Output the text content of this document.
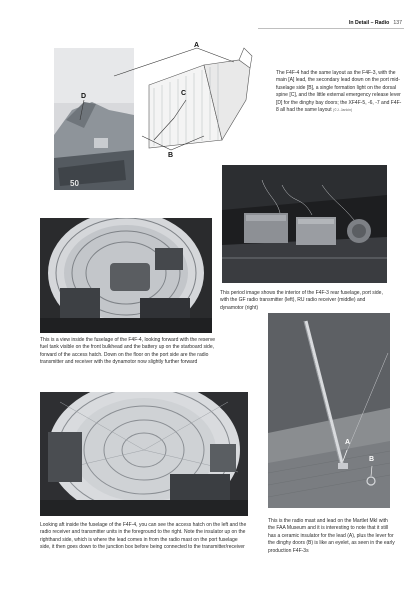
In Detail – Radio 137
50
A
C
B
D
The F4F-4 had the same layout as the F4F-3, with the main [A] lead, the secondary lead down on the port mid-fuselage side [B], a single formation light on the dorsal spine [C], and the little external emergency release lever [D] for the dinghy bay doors; the XF4F-5, -6, -7 and F4F-8 all had the same layout (©J. Jankin)
This period image shows the interior of the F4F-3 rear fuselage, port side, with the GF radio transmitter (left), RU radio receiver (middle) and dynamotor (right)
This is a view inside the fuselage of the F4F-4, looking forward with the reserve fuel tank visible on the front bulkhead and the battery up on the starboard side, forward of the access hatch. Down on the floor on the port side are the radio transmitter and receiver with the dynamotor now slightly further forward
Looking aft inside the fuselage of the F4F-4, you can see the access hatch on the left and the radio receiver and transmitter units in the foreground to the right. Note the insulator up on the righthand side, which is where the lead comes in from the radio mast on the port fuselage side, it then goes down to the junction box before being connected to the transmitter/receiver
A
B
This is the radio mast and lead on the Martlet MkI with the FAA Museum and it is interesting to note that it still has a ceramic insulator for the lead (A), plus the lever for the dinghy doors (B) is like an eyelet, as seen in the early production F4F-3s
